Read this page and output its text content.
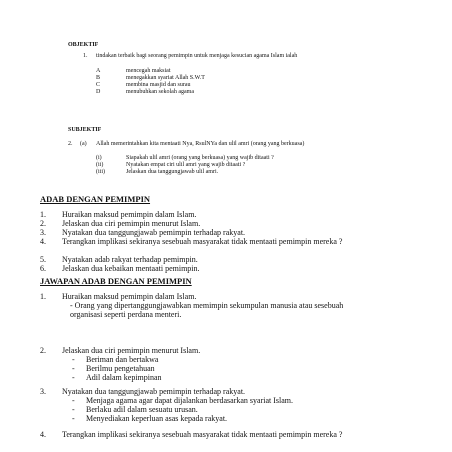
OBJEKTIF
1. tindakan terbaik bagi seorang pemimpin untuk menjaga kesucian agama Islam ialah
A	mencegah maksiat
B	menegakkan syariat Allah S.W.T
C	membina masjid dan surau
D	menubuhkan sekolah agama
SUBJEKTIF
2. (a) Allah memerintahkan kita mentaati Nya, RsulNYa dan ulil amri (orang yang berkuasa)
(i)	Siapakah ulil amri (orang yang berkuasa) yang wajib ditaati ?
(ii)	Nyatakan empat ciri ulil amri yang wajib ditaati ?
(iii)	Jelaskan dua tanggungjawab ulil amri.
ADAB DENGAN PEMIMPIN
1. Huraikan maksud pemimpin dalam Islam.
2. Jelaskan dua ciri pemimpin menurut Islam.
3. Nyatakan dua tanggungjawab pemimpin terhadap rakyat.
4. Terangkan implikasi sekiranya sesebuah masyarakat tidak mentaati pemimpin mereka ?
5. Nyatakan adab rakyat terhadap pemimpin.
6. Jelaskan dua kebaikan mentaati pemimpin.
JAWAPAN ADAB DENGAN PEMIMPIN
1. Huraikan maksud pemimpin dalam Islam.
- Orang yang dipertanggungjawabkan memimpin sekumpulan manusia atau sesebuah organisasi seperti perdana menteri.
2. Jelaskan dua ciri pemimpin menurut Islam.
- Beriman dan bertakwa
- Berilmu pengetahuan
- Adil dalam kepimpinan
3. Nyatakan dua tanggungjawab pemimpin terhadap rakyat.
- Menjaga agama agar dapat dijalankan berdasarkan syariat Islam.
- Berlaku adil dalam sesuatu urusan.
- Menyediakan keperluan asas kepada rakyat.
4. Terangkan implikasi sekiranya sesebuah masyarakat tidak mentaati pemimpin mereka ?
